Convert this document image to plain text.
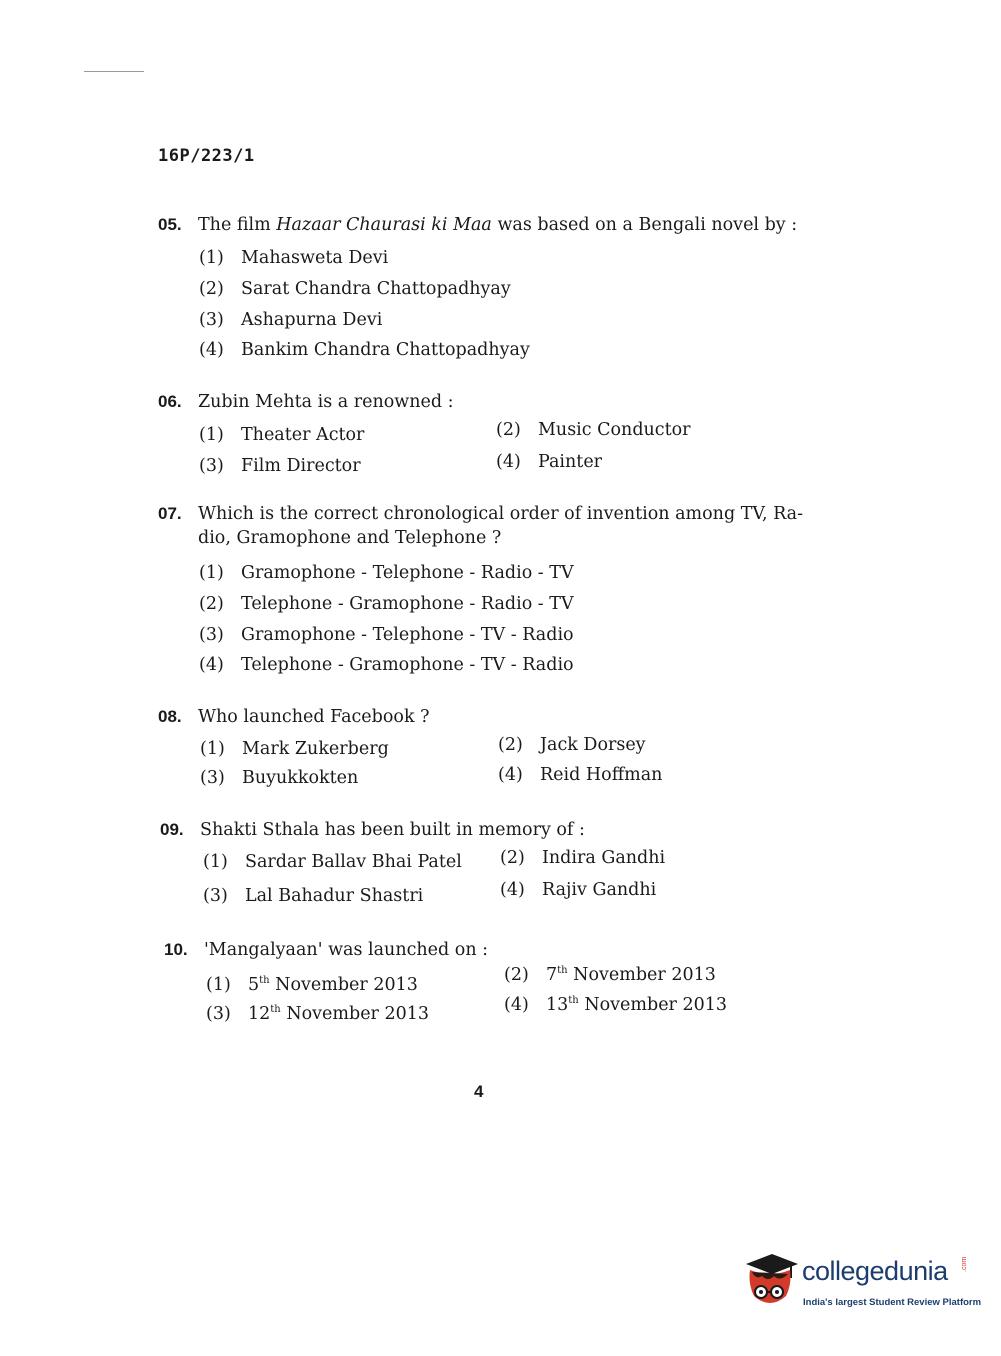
16P/223/1
05. The film Hazaar Chaurasi ki Maa was based on a Bengali novel by :
(1) Mahasweta Devi
(2) Sarat Chandra Chattopadhyay
(3) Ashapurna Devi
(4) Bankim Chandra Chattopadhyay
06. Zubin Mehta is a renowned :
(1) Theater Actor	(2) Music Conductor
(3) Film Director	(4) Painter
07. Which is the correct chronological order of invention among TV, Ra-
dio, Gramophone and Telephone ?
(1) Gramophone - Telephone - Radio - TV
(2) Telephone - Gramophone - Radio - TV
(3) Gramophone - Telephone - TV - Radio
(4) Telephone - Gramophone - TV - Radio
08. Who launched Facebook ?
(1) Mark Zukerberg	(2) Jack Dorsey
(3) Buyukkokten	(4) Reid Hoffman
09. Shakti Sthala has been built in memory of :
(1) Sardar Ballav Bhai Patel (2) Indira Gandhi
(3) Lal Bahadur Shastri	(4) Rajiv Gandhi
10. 'Mangalyaan' was launched on :
(1) 5th November 2013	(2) 7th November 2013
(3) 12th November 2013	(4) 13th November 2013
4
collegedunia .com
India's largest Student Review Platform
